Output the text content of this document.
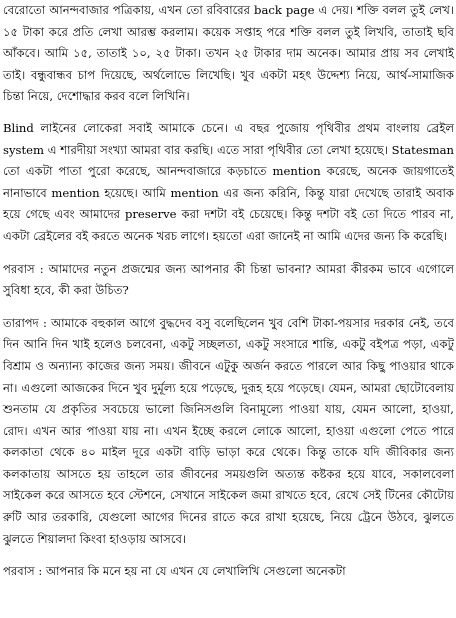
বেরোতো আনন্দবাজার পত্রিকায়, এখন তো রবিবারের back page এ দেয়। শক্তি বলল তুই লেখ। ১৫ টাকা করে প্রতি লেখা আরম্ভ করলাম। কয়েক সপ্তাহ পরে শক্তি বলল তুই লিখবি, তাতাই ছবি আঁকবে। আমি ১৫, তাতাই ১০, ২৫ টাকা। তখন ২৫ টাকার দাম অনেক। আমার প্রায় সব লেখাই তাই। বন্ধুবান্ধব চাপ দিয়েছে, অর্থলোভে লিখেছি। খুব একটা মহৎ উদ্দেশ্য নিয়ে, আর্থ-সামাজিক চিন্তা নিয়ে, দেশোদ্ধার করব বলে লিখিনি।

Blind লাইনের লোকেরা সবাই আমাকে চেনে। এ বছর পুজোয় পৃথিবীর প্রথম বাংলায় ব্রেইল system এ শারদীয়া সংখ্যা আমরা বার করছি। এতে সারা পৃথিবীর তো লেখা হয়েছে। Statesman তো একটা পাতা পুরো করেছে, আনন্দবাজারে কড়চাতে mention করেছে, অনেক জায়গাতেই নানাভাবে mention হয়েছে। আমি mention এর জন্য করিনি, কিন্তু যারা দেখেছে তারাই অবাক হয়ে গেছে এবং আমাদের preserve করা দশটা বই চেয়েছে। কিন্তু দশটা বই তো দিতে পারব না, একটা ব্রেইলের বই করতে অনেক খরচ লাগে। হয়তো এরা জানেই না আমি এদের জন্য কি করেছি।

পরবাস : আমাদের নতুন প্রজন্মের জন্য আপনার কী চিন্তা ভাবনা? আমরা কীরকম ভাবে এগোলে সুবিধা হবে, কী করা উচিত?

তারাপদ : আমাকে বহুকাল আগে বুদ্ধদেব বসু বলেছিলেন খুব বেশি টাকা-পয়সার দরকার নেই, তবে দিন আনি দিন খাই হলেও চলবেনা, একটু সচ্ছলতা, একটু সংসারে শান্তি, একটু বইপত্র পড়া, একটু বিশ্রাম ও অন্যান্য কাজের জন্য সময়। জীবনে এটুকু অর্জন করতে পারলে আর কিছু পাওয়ার থাকে না। এগুলো আজকের দিনে খুব দুর্মূল্য হয়ে পড়েছে, দুরূহ হয়ে পড়েছে। যেমন, আমরা ছোটোবেলায় শুনতাম যে প্রকৃতির সবচেয়ে ভালো জিনিসগুলি বিনামূল্যে পাওয়া যায়, যেমন আলো, হাওয়া, রোদ। এখন আর পাওয়া যায় না। এখন ইচ্ছে করলে লোকে আলো, হাওয়া এগুলো পেতে পারে কলকাতা থেকে ৪০ মাইল দূরে একটা বাড়ি ভাড়া করে থেকে। কিন্তু তাকে যদি জীবিকার জন্য কলকাতায় আসতে হয় তাহলে তার জীবনের সময়গুলি অত্যন্ত কষ্টকর হয়ে যাবে, সকালবেলা সাইকেল করে আসতে হবে স্টেশনে, সেখানে সাইকেল জমা রাখতে হবে, রেখে সেই টিনের কৌটোয় রুটি আর তরকারি, যেগুলো আগের দিনের রাতে করে রাখা হয়েছে, নিয়ে ট্রেনে উঠবে, ঝুলতে ঝুলতে শিয়ালদা কিংবা হাওড়ায় আসবে।

পরবাস : আপনার কি মনে হয় না যে এখন যে লেখালিখি সেগুলো অনেকটা
